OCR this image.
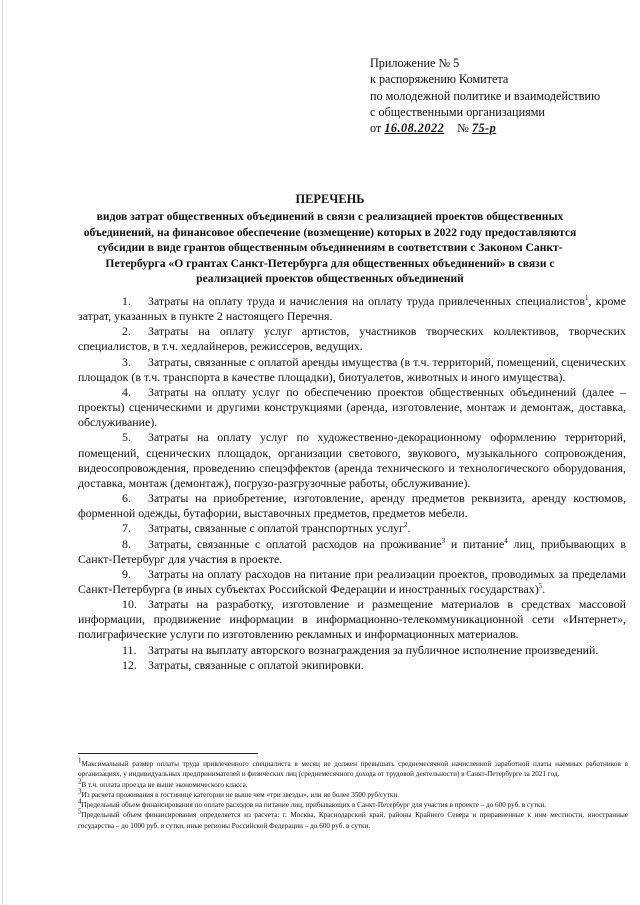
Приложение № 5
к распоряжению Комитета
по молодежной политике и взаимодействию
с общественными организациями
от 16.08.2022 № 75-р
ПЕРЕЧЕНЬ
видов затрат общественных объединений в связи с реализацией проектов общественных объединений, на финансовое обеспечение (возмещение) которых в 2022 году предоставляются субсидии в виде грантов общественным объединениям в соответствии с Законом Санкт-Петербурга «О грантах Санкт-Петербурга для общественных объединений» в связи с реализацией проектов общественных объединений

1. Затраты на оплату труда и начисления на оплату труда привлеченных специалистов$^1$, кроме затрат, указанных в пункте 2 настоящего Перечня.

2. Затраты на оплату услуг артистов, участников творческих коллективов, творческих специалистов, в т.ч. хедлайнеров, режиссеров, ведущих.

3. Затраты, связанные с оплатой аренды имущества (в т.ч. территорий, помещений, сценических площадок (в т.ч. транспорта в качестве площадки), биотуалетов, животных и иного имущества).

4. Затраты на оплату услуг по обеспечению проектов общественных объединений (далее – проекты) сценическими и другими конструкциями (аренда, изготовление, монтаж и демонтаж, доставка, обслуживание).

5. Затраты на оплату услуг по художественно-декорационному оформлению территорий, помещений, сценических площадок, организации светового, звукового, музыкального сопровождения, видеосопровождения, проведению спецэффектов (аренда технического и технологического оборудования, доставка, монтаж (демонтаж), погрузо-разгрузочные работы, обслуживание).

6. Затраты на приобретение, изготовление, аренду предметов реквизита, аренду костюмов, форменной одежды, бутафории, выставочных предметов, предметов мебели.

7. Затраты, связанные с оплатой транспортных услуг$^2$.

8. Затраты, связанные с оплатой расходов на проживание$^3$ и питание$^4$ лиц, прибывающих в Санкт-Петербург для участия в проекте.

9. Затраты на оплату расходов на питание при реализации проектов, проводимых за пределами Санкт-Петербурга (в иных субъектах Российской Федерации и иностранных государствах)$^5$.

10. Затраты на разработку, изготовление и размещение материалов в средствах массовой информации, продвижение информации в информационно-телекоммуникационной сети «Интернет», полиграфические услуги по изготовлению рекламных и информационных материалов.

11. Затраты на выплату авторского вознаграждения за публичное исполнение произведений.

12. Затраты, связанные с оплатой экипировки.

$^1$Максимальный размер оплаты труда привлеченного специалиста в месяц не должен превышать среднемесячной начисленной заработной платы наемных работников в организациях, у индивидуальных предпринимателей и физических лиц (среднемесячного дохода от трудовой деятельности) в Санкт-Петербурге за 2021 год.

$^2$В т.ч. оплата проезда не выше экономического класса.

$^3$Из расчета проживания в гостинице категории не выше чем «три звезды», или не более 3500 руб/сутки.

$^4$Предельный объем финансирования по оплате расходов на питание лиц, прибывающих в Санкт-Петербург для участия в проекте – до 600 руб. в сутки.

$^5$Предельный объем финансирования определяется из расчета: г. Москва, Краснодарский край, районы Крайнего Севера и приравненные к ним местности, иностранные государства – до 1000 руб. в сутки, иные регионы Российской Федерации – до 600 руб. в сутки.
